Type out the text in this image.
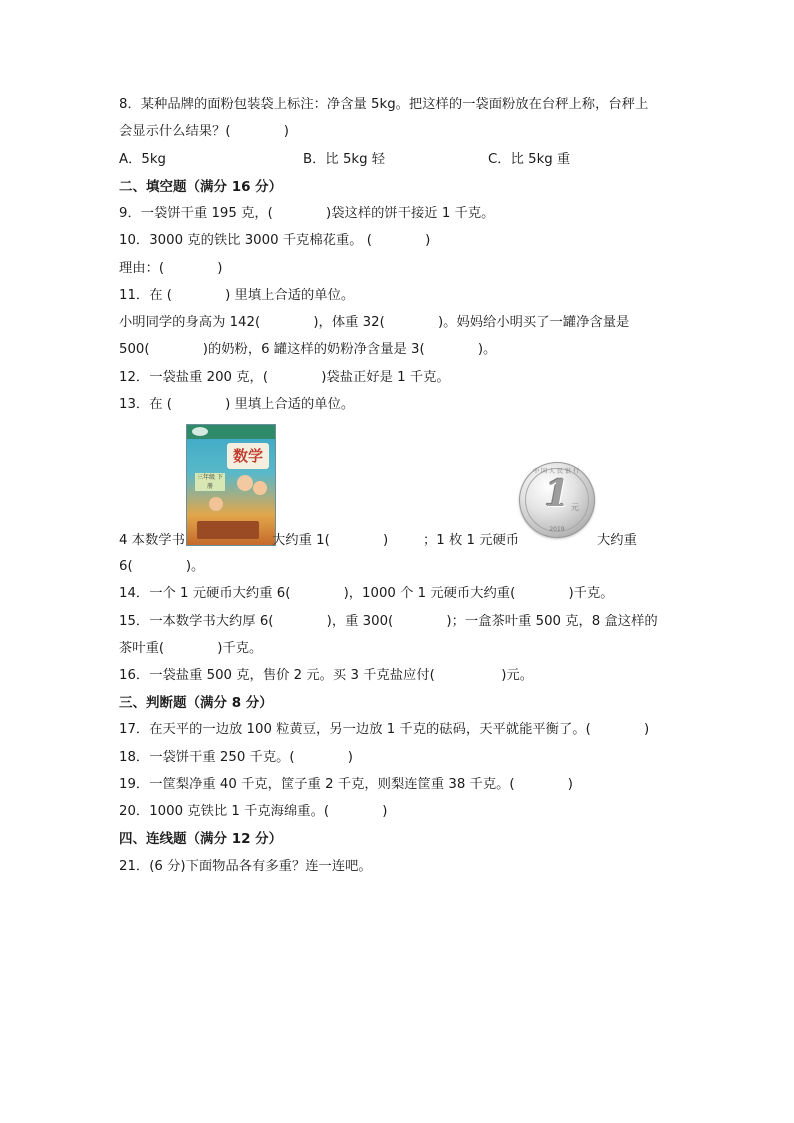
8．某种品牌的面粉包装袋上标注：净含量 5kg。把这样的一袋面粉放在台秤上称，台秤上
会显示什么结果？(　　　　)
A．5kg	B．比 5kg 轻	C．比 5kg 重
二、填空题（满分 16 分）
9．一袋饼干重 195 克，(　　　　)袋这样的饼干接近 1 千克。
10．3000 克的铁比 3000 千克棉花重。 (　　　　)
理由：(　　　　)
11．在 (　　　　) 里填上合适的单位。
小明同学的身高为 142(　　　　)，体重 32(　　　　)。妈妈给小明买了一罐净含量是
500(　　　　)的奶粉，6 罐这样的奶粉净含量是 3(　　　　)。
12．一袋盐重 200 克，(　　　　)袋盐正好是 1 千克。
13．在 (　　　　) 里填上合适的单位。
数学
三年级 下册
4 本数学书	大约重 1(　　　　)	；1 枚 1 元硬币
中国人民银行
1 元
2019
大约重
6(　　　　)。
14．一个 1 元硬币大约重 6(　　　　)，1000 个 1 元硬币大约重(　　　　)千克。
15．一本数学书大约厚 6(　　　　)，重 300(　　　　)；一盒茶叶重 500 克，8 盒这样的
茶叶重(　　　　)千克。
16．一袋盐重 500 克，售价 2 元。买 3 千克盐应付(　　　　　)元。
三、判断题（满分 8 分）
17．在天平的一边放 100 粒黄豆，另一边放 1 千克的砝码，天平就能平衡了。(　　　　)
18．一袋饼干重 250 千克。(　　　　)
19．一筐梨净重 40 千克，筐子重 2 千克，则梨连筐重 38 千克。(　　　　)
20．1000 克铁比 1 千克海绵重。(　　　　)
四、连线题（满分 12 分）
21．(6 分)下面物品各有多重？连一连吧。
